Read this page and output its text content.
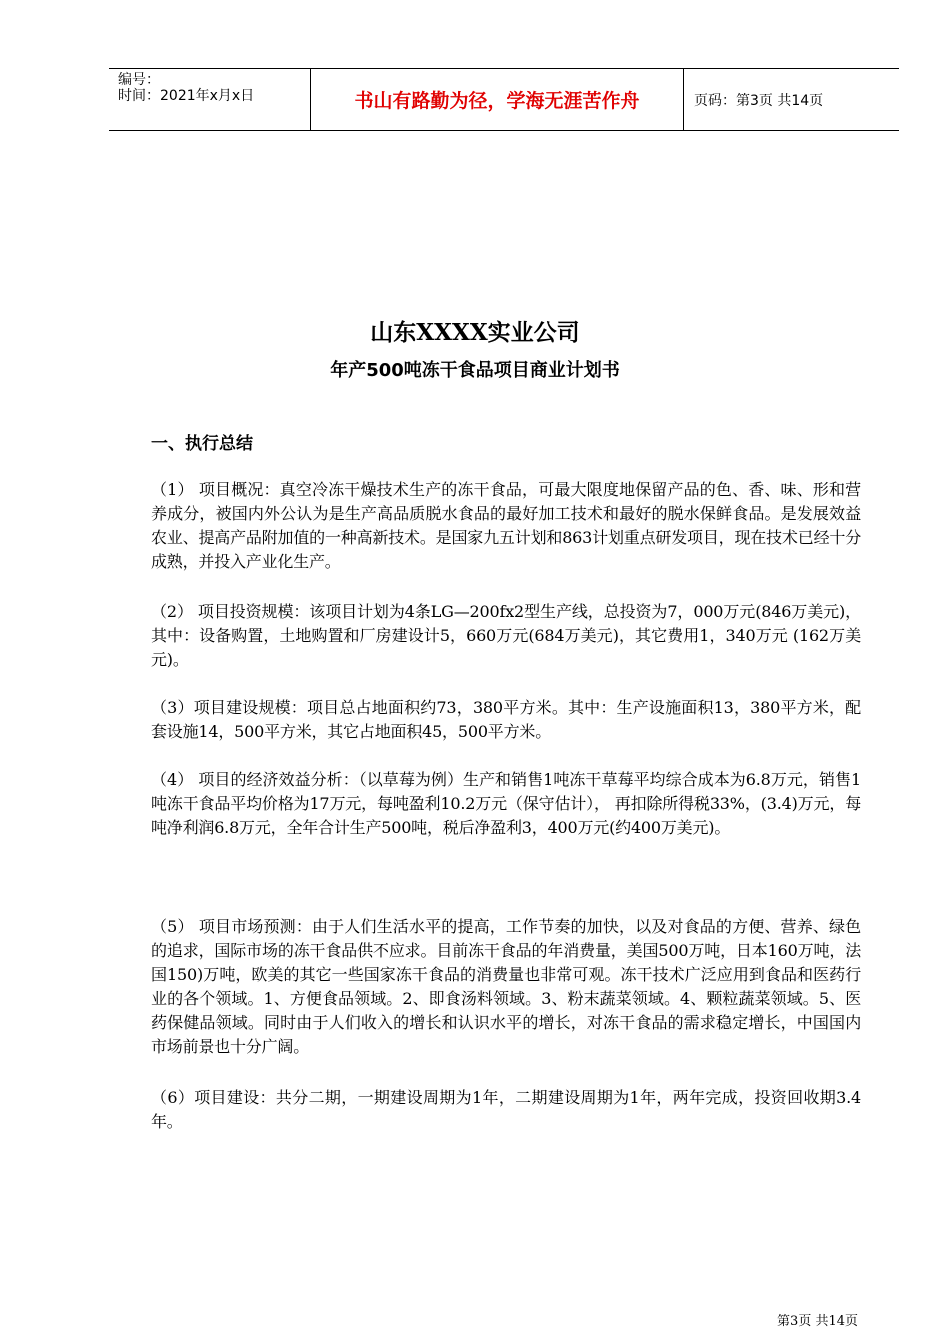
编号：
时间：2021年x月x日	书山有路勤为径，学海无涯苦作舟	页码：第3页 共14页
山东XXXX实业公司
年产500吨冻干食品项目商业计划书
一、执行总结
（1） 项目概况：真空冷冻干燥技术生产的冻干食品，可最大限度地保留产品的色、香、味、形和营养成分，被国内外公认为是生产高品质脱水食品的最好加工技术和最好的脱水保鲜食品。是发展效益农业、提高产品附加值的一种高新技术。是国家九五计划和863计划重点研发项目，现在技术已经十分成熟，并投入产业化生产。
（2） 项目投资规模：该项目计划为4条LG—200fx2型生产线，总投资为7，000万元(846万美元)，其中：设备购置，土地购置和厂房建设计5，660万元(684万美元)，其它费用1，340万元 (162万美元)。
（3）项目建设规模：项目总占地面积约73，380平方米。其中：生产设施面积13，380平方米，配套设施14，500平方米，其它占地面积45，500平方米。
（4） 项目的经济效益分析：（以草莓为例）生产和销售1吨冻干草莓平均综合成本为6.8万元，销售1吨冻干食品平均价格为17万元，每吨盈利10.2万元（保守估计）， 再扣除所得税33%，(3.4)万元，每吨净利润6.8万元，全年合计生产500吨，税后净盈利3，400万元(约400万美元)。
（5） 项目市场预测：由于人们生活水平的提高，工作节奏的加快，以及对食品的方便、营养、绿色的追求，国际市场的冻干食品供不应求。目前冻干食品的年消费量，美国500万吨，日本160万吨，法国150)万吨，欧美的其它一些国家冻干食品的消费量也非常可观。冻干技术广泛应用到食品和医药行业的各个领域。1、方便食品领域。2、即食汤料领域。3、粉末蔬菜领域。4、颗粒蔬菜领域。5、医药保健品领域。同时由于人们收入的增长和认识水平的增长，对冻干食品的需求稳定增长，中国国内市场前景也十分广阔。
（6）项目建设：共分二期，一期建设周期为1年，二期建设周期为1年，两年完成，投资回收期3.4年。
第3页 共14页
